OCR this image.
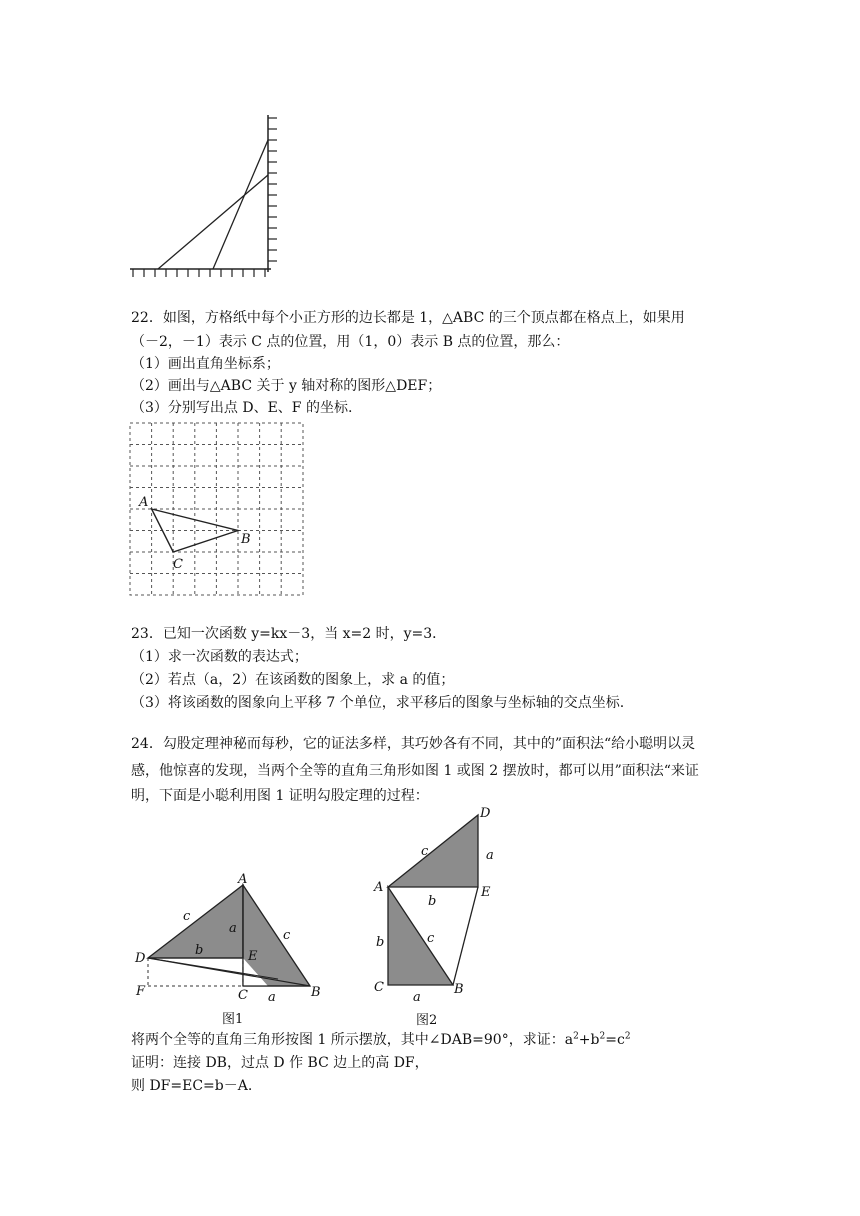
22．如图，方格纸中每个小正方形的边长都是 1，△ABC 的三个顶点都在格点上，如果用
（－2，－1）表示 C 点的位置，用（1，0）表示 B 点的位置，那么：
（1）画出直角坐标系；
（2）画出与△ABC 关于 y 轴对称的图形△DEF；
（3）分别写出点 D、E、F 的坐标.
A
B
C
23．已知一次函数 y=kx－3，当 x=2 时，y=3．
（1）求一次函数的表达式；
（2）若点（a，2）在该函数的图象上，求 a 的值；
（3）将该函数的图象向上平移 7 个单位，求平移后的图象与坐标轴的交点坐标.
24．勾股定理神秘而每秒，它的证法多样，其巧妙各有不同，其中的”面积法“给小聪明以灵
感，他惊喜的发现，当两个全等的直角三角形如图 1 或图 2 摆放时，都可以用”面积法“来证
明，下面是小聪利用图 1 证明勾股定理的过程：
A
B
C
D	E
F
a
a
b
c
c
图1
D
A	E
C	B
c	a
b
c
b
a
图2
将两个全等的直角三角形按图 1 所示摆放，其中∠DAB=90°，求证：$a^2+b^2=c^2$
证明：连接 DB，过点 D 作 BC 边上的高 DF，
则 DF=EC=b－A.
